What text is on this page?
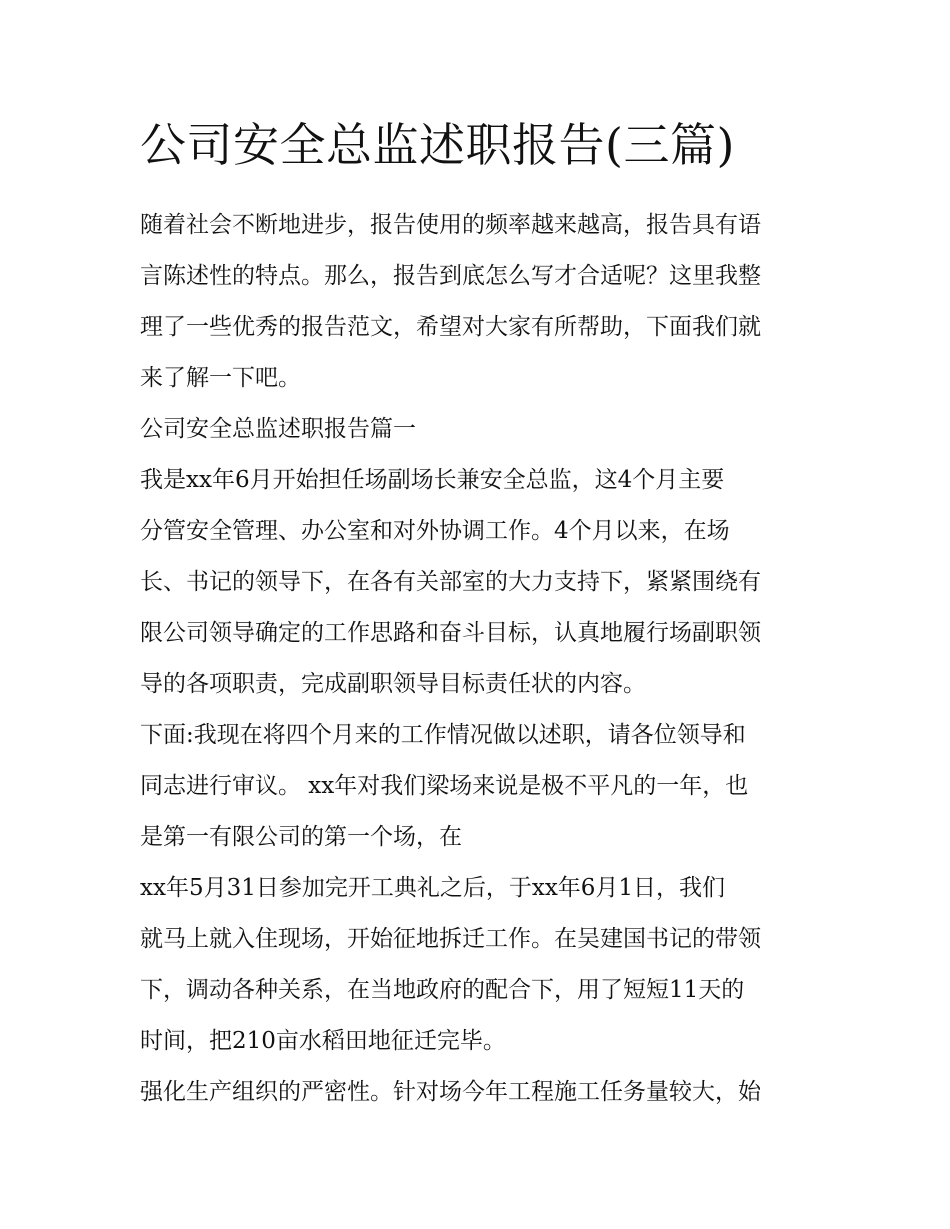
公司安全总监述职报告(三篇)

随着社会不断地进步，报告使用的频率越来越高，报告具有语
言陈述性的特点。那么，报告到底怎么写才合适呢？这里我整
理了一些优秀的报告范文，希望对大家有所帮助，下面我们就
来了解一下吧。

公司安全总监述职报告篇一

我是xx年6月开始担任场副场长兼安全总监，这4个月主要
分管安全管理、办公室和对外协调工作。4个月以来，在场
长、书记的领导下，在各有关部室的大力支持下，紧紧围绕有
限公司领导确定的工作思路和奋斗目标，认真地履行场副职领
导的各项职责，完成副职领导目标责任状的内容。

下面:我现在将四个月来的工作情况做以述职，请各位领导和
同志进行审议。 xx年对我们梁场来说是极不平凡的一年，也
是第一有限公司的第一个场，在

xx年5月31日参加完开工典礼之后，于xx年6月1日，我们
就马上就入住现场，开始征地拆迁工作。在吴建国书记的带领
下，调动各种关系，在当地政府的配合下，用了短短11天的
时间，把210亩水稻田地征迁完毕。

强化生产组织的严密性。针对场今年工程施工任务量较大，始
